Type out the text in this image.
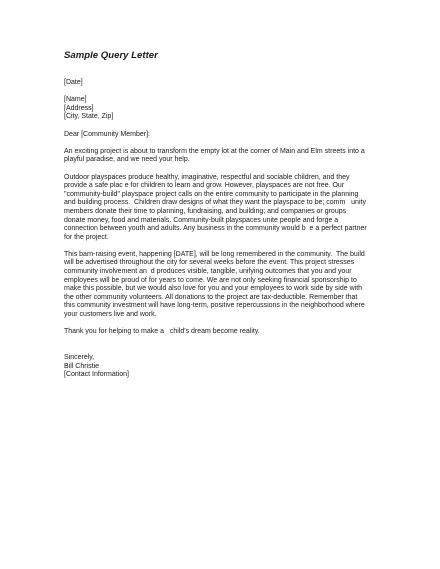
Sample Query Letter
[Date]
[Name]
[Address]
[City, State, Zip]
Dear [Community Member]:
An exciting project is about to transform the empty lot at the corner of Main and Elm streets into a
playful paradise, and we need your help.
Outdoor playspaces produce healthy, imaginative, respectful and sociable children, and they
provide a safe plac e for children to learn and grow. However, playspaces are not free. Our
"community-build" playspace project calls on the entire community to participate in the planning
and building process.  Children draw designs of what they want the playspace to be; comm   unity
members donate their time to planning, fundraising, and building; and companies or groups
donate money, food and materials. Community-built playspaces unite people and forge a
connection between youth and adults. Any business in the community would b  e a perfect partner
for the project.
This barn-raising event, happening [DATE], will be long remembered in the community.  The build
will be advertised throughout the city for several weeks before the event. This project stresses
community involvement an  d produces visible, tangible, unifying outcomes that you and your
employees will be proud of for years to come. We are not only seeking financial sponsorship to
make this possible, but we would also love for you and your employees to work side by side with
the other community volunteers. All donations to the project are tax-deductible. Remember that
this community investment will have long-term, positive repercussions in the neighborhood where
your customers live and work.
Thank you for helping to make a   child's dream become reality.
Sincerely,
Bill Christie
[Contact Information]
